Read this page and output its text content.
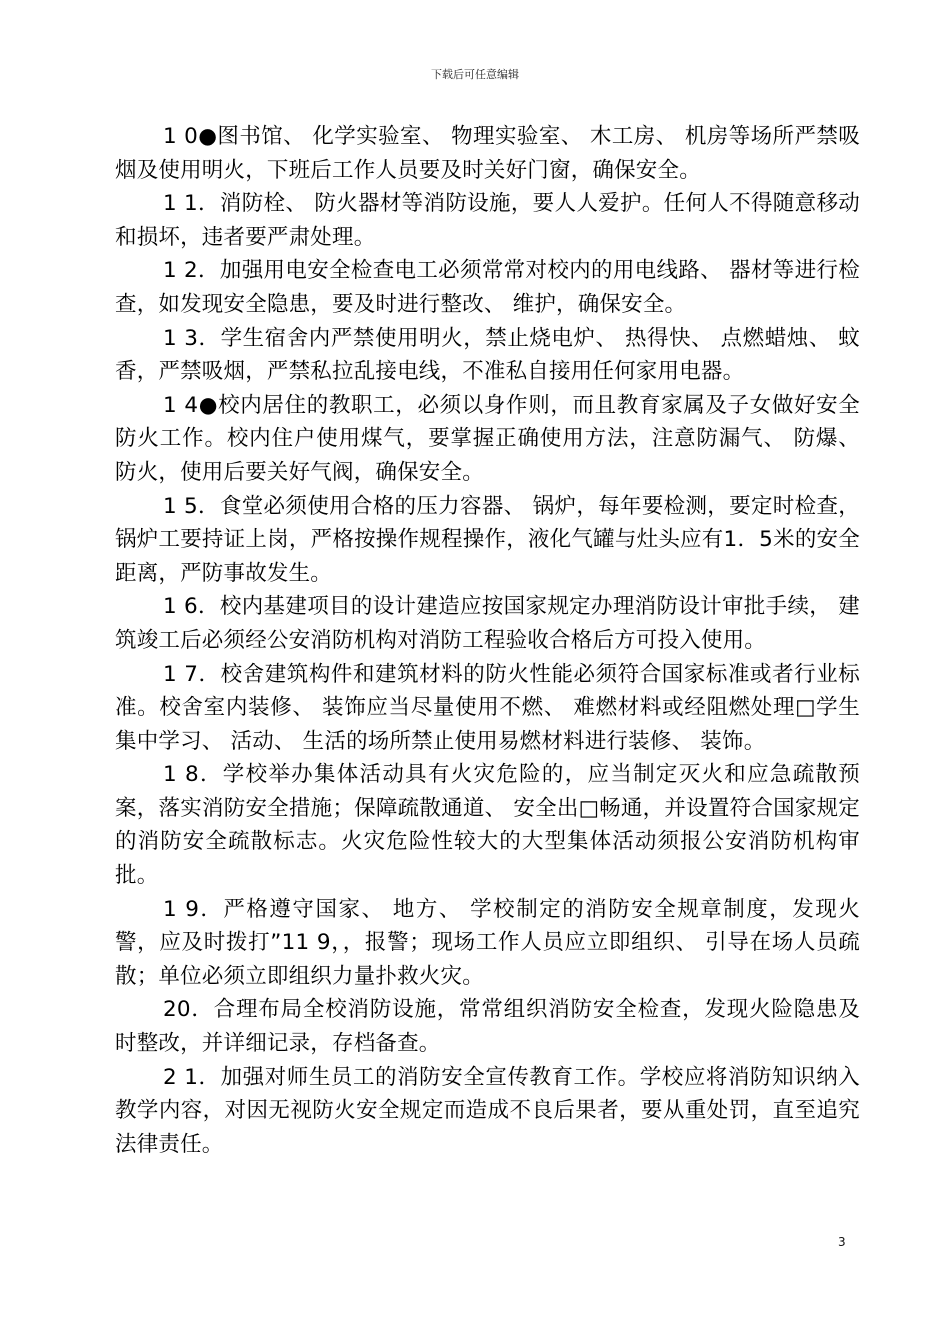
下载后可任意编辑

1 0●图书馆、 化学实验室、 物理实验室、 木工房、 机房等场所严禁吸烟及使用明火，下班后工作人员要及时关好门窗，确保安全。

1 1．消防栓、 防火器材等消防设施，要人人爱护。任何人不得随意移动和损坏，违者要严肃处理。

1 2．加强用电安全检查电工必须常常对校内的用电线路、 器材等进行检查，如发现安全隐患，要及时进行整改、 维护，确保安全。

1 3．学生宿舍内严禁使用明火，禁止烧电炉、 热得快、 点燃蜡烛、 蚊香，严禁吸烟，严禁私拉乱接电线，不准私自接用任何家用电器。

1 4●校内居住的教职工，必须以身作则，而且教育家属及子女做好安全防火工作。校内住户使用煤气，要掌握正确使用方法，注意防漏气、 防爆、 防火，使用后要关好气阀，确保安全。

1 5．食堂必须使用合格的压力容器、 锅炉，每年要检测，要定时检查，锅炉工要持证上岗，严格按操作规程操作，液化气罐与灶头应有1．5米的安全距离，严防事故发生。

1 6．校内基建项目的设计建造应按国家规定办理消防设计审批手续， 建筑竣工后必须经公安消防机构对消防工程验收合格后方可投入使用。

1 7．校舍建筑构件和建筑材料的防火性能必须符合国家标准或者行业标准。校舍室内装修、 装饰应当尽量使用不燃、 难燃材料或经阻燃处理□学生集中学习、 活动、 生活的场所禁止使用易燃材料进行装修、 装饰。

1 8．学校举办集体活动具有火灾危险的，应当制定灭火和应急疏散预案，落实消防安全措施；保障疏散通道、 安全出□畅通，并设置符合国家规定的消防安全疏散标志。火灾危险性较大的大型集体活动须报公安消防机构审批。

1 9．严格遵守国家、 地方、 学校制定的消防安全规章制度，发现火警，应及时拨打”11 9，，报警；现场工作人员应立即组织、 引导在场人员疏散；单位必须立即组织力量扑救火灾。

20．合理布局全校消防设施，常常组织消防安全检查，发现火险隐患及时整改，并详细记录，存档备查。

2 1．加强对师生员工的消防安全宣传教育工作。学校应将消防知识纳入教学内容，对因无视防火安全规定而造成不良后果者，要从重处罚，直至追究法律责任。

3
